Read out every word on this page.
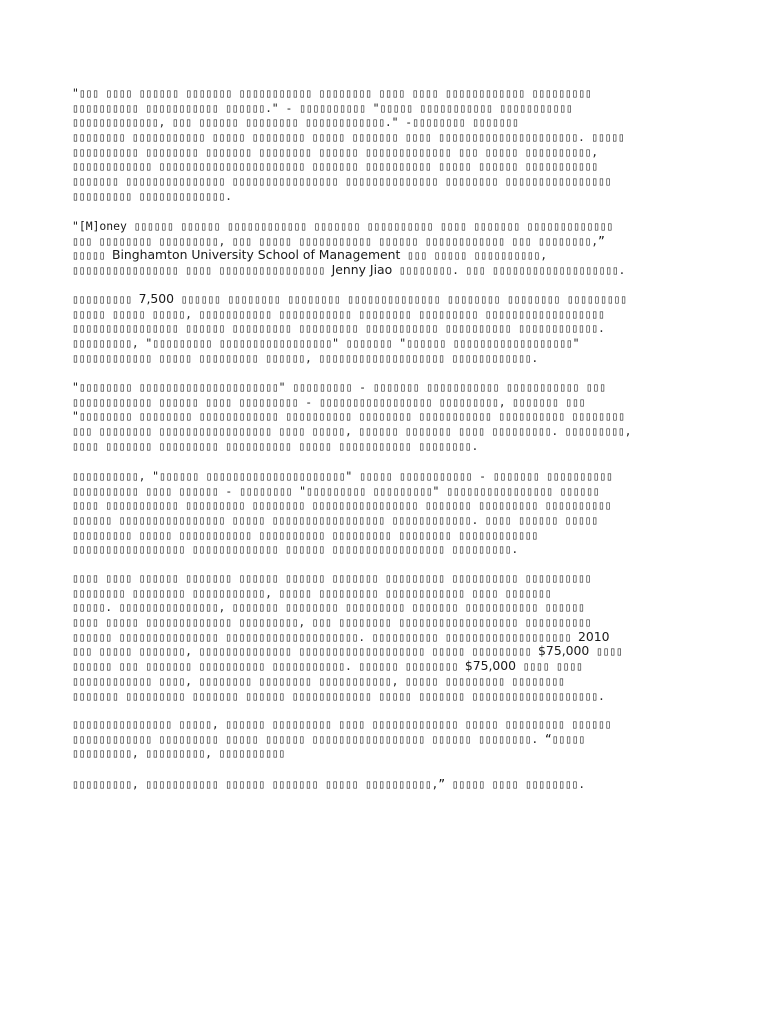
"▯▯▯ ▯▯▯▯ ▯▯▯▯▯▯ ▯▯▯▯▯▯▯ ▯▯▯▯▯▯▯▯▯▯▯ ▯▯▯▯▯▯▯▯ ▯▯▯▯ ▯▯▯▯ ▯▯▯▯▯▯▯▯▯▯▯▯ ▯▯▯▯▯▯▯▯▯
▯▯▯▯▯▯▯▯▯▯ ▯▯▯▯▯▯▯▯▯▯▯ ▯▯▯▯▯▯." - ▯▯▯▯▯▯▯▯▯▯ "▯▯▯▯▯ ▯▯▯▯▯▯▯▯▯▯▯ ▯▯▯▯▯▯▯▯▯▯▯
▯▯▯▯▯▯▯▯▯▯▯▯▯, ▯▯▯ ▯▯▯▯▯▯ ▯▯▯▯▯▯▯▯ ▯▯▯▯▯▯▯▯▯▯▯▯." -▯▯▯▯▯▯▯▯ ▯▯▯▯▯▯▯
▯▯▯▯▯▯▯▯ ▯▯▯▯▯▯▯▯▯▯▯ ▯▯▯▯▯ ▯▯▯▯▯▯▯▯ ▯▯▯▯▯ ▯▯▯▯▯▯▯ ▯▯▯▯ ▯▯▯▯▯▯▯▯▯▯▯▯▯▯▯▯▯▯▯▯▯. ▯▯▯▯▯
▯▯▯▯▯▯▯▯▯▯ ▯▯▯▯▯▯▯▯ ▯▯▯▯▯▯▯ ▯▯▯▯▯▯▯▯ ▯▯▯▯▯▯ ▯▯▯▯▯▯▯▯▯▯▯▯▯ ▯▯▯ ▯▯▯▯▯ ▯▯▯▯▯▯▯▯▯▯,
▯▯▯▯▯▯▯▯▯▯▯▯ ▯▯▯▯▯▯▯▯▯▯▯▯▯▯▯▯▯▯▯▯▯▯ ▯▯▯▯▯▯▯ ▯▯▯▯▯▯▯▯▯▯ ▯▯▯▯▯ ▯▯▯▯▯▯ ▯▯▯▯▯▯▯▯▯▯▯
▯▯▯▯▯▯▯ ▯▯▯▯▯▯▯▯▯▯▯▯▯▯▯ ▯▯▯▯▯▯▯▯▯▯▯▯▯▯▯▯ ▯▯▯▯▯▯▯▯▯▯▯▯▯▯ ▯▯▯▯▯▯▯▯ ▯▯▯▯▯▯▯▯▯▯▯▯▯▯▯▯
▯▯▯▯▯▯▯▯▯ ▯▯▯▯▯▯▯▯▯▯▯▯▯.
"[M]oney ▯▯▯▯▯▯ ▯▯▯▯▯▯ ▯▯▯▯▯▯▯▯▯▯▯▯ ▯▯▯▯▯▯▯ ▯▯▯▯▯▯▯▯▯▯ ▯▯▯▯ ▯▯▯▯▯▯▯ ▯▯▯▯▯▯▯▯▯▯▯▯▯
▯▯▯ ▯▯▯▯▯▯▯▯ ▯▯▯▯▯▯▯▯▯, ▯▯▯ ▯▯▯▯▯ ▯▯▯▯▯▯▯▯▯▯▯ ▯▯▯▯▯▯ ▯▯▯▯▯▯▯▯▯▯▯▯ ▯▯▯ ▯▯▯▯▯▯▯▯,”
▯▯▯▯▯ Binghamton University School of Management ▯▯▯ ▯▯▯▯▯ ▯▯▯▯▯▯▯▯▯▯,
▯▯▯▯▯▯▯▯▯▯▯▯▯▯▯▯ ▯▯▯▯ ▯▯▯▯▯▯▯▯▯▯▯▯▯▯▯▯ Jenny Jiao ▯▯▯▯▯▯▯▯. ▯▯▯ ▯▯▯▯▯▯▯▯▯▯▯▯▯▯▯▯▯▯▯.
▯▯▯▯▯▯▯▯▯ 7,500 ▯▯▯▯▯▯ ▯▯▯▯▯▯▯▯ ▯▯▯▯▯▯▯▯ ▯▯▯▯▯▯▯▯▯▯▯▯▯▯ ▯▯▯▯▯▯▯▯ ▯▯▯▯▯▯▯▯ ▯▯▯▯▯▯▯▯▯
▯▯▯▯▯ ▯▯▯▯▯ ▯▯▯▯▯, ▯▯▯▯▯▯▯▯▯▯▯ ▯▯▯▯▯▯▯▯▯▯▯ ▯▯▯▯▯▯▯▯ ▯▯▯▯▯▯▯▯▯ ▯▯▯▯▯▯▯▯▯▯▯▯▯▯▯▯▯▯
▯▯▯▯▯▯▯▯▯▯▯▯▯▯▯▯ ▯▯▯▯▯▯ ▯▯▯▯▯▯▯▯▯ ▯▯▯▯▯▯▯▯▯ ▯▯▯▯▯▯▯▯▯▯▯ ▯▯▯▯▯▯▯▯▯▯ ▯▯▯▯▯▯▯▯▯▯▯▯.
▯▯▯▯▯▯▯▯▯, "▯▯▯▯▯▯▯▯▯ ▯▯▯▯▯▯▯▯▯▯▯▯▯▯▯▯▯" ▯▯▯▯▯▯▯ "▯▯▯▯▯▯ ▯▯▯▯▯▯▯▯▯▯▯▯▯▯▯▯▯▯"
▯▯▯▯▯▯▯▯▯▯▯▯ ▯▯▯▯▯ ▯▯▯▯▯▯▯▯▯ ▯▯▯▯▯▯, ▯▯▯▯▯▯▯▯▯▯▯▯▯▯▯▯▯▯▯ ▯▯▯▯▯▯▯▯▯▯▯▯.
"▯▯▯▯▯▯▯▯ ▯▯▯▯▯▯▯▯▯▯▯▯▯▯▯▯▯▯▯▯▯" ▯▯▯▯▯▯▯▯▯ - ▯▯▯▯▯▯▯ ▯▯▯▯▯▯▯▯▯▯▯ ▯▯▯▯▯▯▯▯▯▯▯ ▯▯▯
▯▯▯▯▯▯▯▯▯▯▯▯ ▯▯▯▯▯▯ ▯▯▯▯ ▯▯▯▯▯▯▯▯▯ - ▯▯▯▯▯▯▯▯▯▯▯▯▯▯▯▯▯ ▯▯▯▯▯▯▯▯▯, ▯▯▯▯▯▯▯ ▯▯▯
"▯▯▯▯▯▯▯▯ ▯▯▯▯▯▯▯▯ ▯▯▯▯▯▯▯▯▯▯▯▯ ▯▯▯▯▯▯▯▯▯▯ ▯▯▯▯▯▯▯▯ ▯▯▯▯▯▯▯▯▯▯▯ ▯▯▯▯▯▯▯▯▯▯ ▯▯▯▯▯▯▯▯
▯▯▯ ▯▯▯▯▯▯▯▯ ▯▯▯▯▯▯▯▯▯▯▯▯▯▯▯▯▯ ▯▯▯▯ ▯▯▯▯▯, ▯▯▯▯▯▯ ▯▯▯▯▯▯▯ ▯▯▯▯ ▯▯▯▯▯▯▯▯▯. ▯▯▯▯▯▯▯▯▯,
▯▯▯▯ ▯▯▯▯▯▯▯ ▯▯▯▯▯▯▯▯▯ ▯▯▯▯▯▯▯▯▯▯ ▯▯▯▯▯ ▯▯▯▯▯▯▯▯▯▯▯ ▯▯▯▯▯▯▯▯.
▯▯▯▯▯▯▯▯▯▯, "▯▯▯▯▯▯ ▯▯▯▯▯▯▯▯▯▯▯▯▯▯▯▯▯▯▯▯▯" ▯▯▯▯▯ ▯▯▯▯▯▯▯▯▯▯▯ - ▯▯▯▯▯▯▯ ▯▯▯▯▯▯▯▯▯▯
▯▯▯▯▯▯▯▯▯▯ ▯▯▯▯ ▯▯▯▯▯▯ - ▯▯▯▯▯▯▯▯ "▯▯▯▯▯▯▯▯▯ ▯▯▯▯▯▯▯▯▯" ▯▯▯▯▯▯▯▯▯▯▯▯▯▯▯▯ ▯▯▯▯▯▯
▯▯▯▯ ▯▯▯▯▯▯▯▯▯▯▯ ▯▯▯▯▯▯▯▯▯ ▯▯▯▯▯▯▯▯ ▯▯▯▯▯▯▯▯▯▯▯▯▯▯▯▯ ▯▯▯▯▯▯▯ ▯▯▯▯▯▯▯▯▯ ▯▯▯▯▯▯▯▯▯▯
▯▯▯▯▯▯ ▯▯▯▯▯▯▯▯▯▯▯▯▯▯▯▯ ▯▯▯▯▯ ▯▯▯▯▯▯▯▯▯▯▯▯▯▯▯▯▯ ▯▯▯▯▯▯▯▯▯▯▯▯. ▯▯▯▯ ▯▯▯▯▯▯ ▯▯▯▯▯
▯▯▯▯▯▯▯▯▯ ▯▯▯▯▯ ▯▯▯▯▯▯▯▯▯▯▯ ▯▯▯▯▯▯▯▯▯▯ ▯▯▯▯▯▯▯▯▯ ▯▯▯▯▯▯▯▯ ▯▯▯▯▯▯▯▯▯▯▯▯
▯▯▯▯▯▯▯▯▯▯▯▯▯▯▯▯▯ ▯▯▯▯▯▯▯▯▯▯▯▯▯ ▯▯▯▯▯▯ ▯▯▯▯▯▯▯▯▯▯▯▯▯▯▯▯▯ ▯▯▯▯▯▯▯▯▯.
▯▯▯▯ ▯▯▯▯ ▯▯▯▯▯▯ ▯▯▯▯▯▯▯ ▯▯▯▯▯▯ ▯▯▯▯▯▯ ▯▯▯▯▯▯▯ ▯▯▯▯▯▯▯▯▯ ▯▯▯▯▯▯▯▯▯▯ ▯▯▯▯▯▯▯▯▯▯
▯▯▯▯▯▯▯▯ ▯▯▯▯▯▯▯▯ ▯▯▯▯▯▯▯▯▯▯▯, ▯▯▯▯▯ ▯▯▯▯▯▯▯▯▯ ▯▯▯▯▯▯▯▯▯▯▯▯ ▯▯▯▯ ▯▯▯▯▯▯▯
▯▯▯▯▯. ▯▯▯▯▯▯▯▯▯▯▯▯▯▯▯, ▯▯▯▯▯▯▯ ▯▯▯▯▯▯▯▯ ▯▯▯▯▯▯▯▯▯ ▯▯▯▯▯▯▯ ▯▯▯▯▯▯▯▯▯▯▯ ▯▯▯▯▯▯
▯▯▯▯ ▯▯▯▯▯ ▯▯▯▯▯▯▯▯▯▯▯▯▯ ▯▯▯▯▯▯▯▯▯, ▯▯▯ ▯▯▯▯▯▯▯▯ ▯▯▯▯▯▯▯▯▯▯▯▯▯▯▯▯▯▯ ▯▯▯▯▯▯▯▯▯▯
▯▯▯▯▯▯ ▯▯▯▯▯▯▯▯▯▯▯▯▯▯▯ ▯▯▯▯▯▯▯▯▯▯▯▯▯▯▯▯▯▯▯▯. ▯▯▯▯▯▯▯▯▯▯ ▯▯▯▯▯▯▯▯▯▯▯▯▯▯▯▯▯▯▯ 2010
▯▯▯ ▯▯▯▯▯ ▯▯▯▯▯▯▯, ▯▯▯▯▯▯▯▯▯▯▯▯▯▯ ▯▯▯▯▯▯▯▯▯▯▯▯▯▯▯▯▯▯▯ ▯▯▯▯▯ ▯▯▯▯▯▯▯▯▯ $75,000 ▯▯▯▯
▯▯▯▯▯▯ ▯▯▯ ▯▯▯▯▯▯▯ ▯▯▯▯▯▯▯▯▯▯ ▯▯▯▯▯▯▯▯▯▯▯. ▯▯▯▯▯▯ ▯▯▯▯▯▯▯▯ $75,000 ▯▯▯▯ ▯▯▯▯
▯▯▯▯▯▯▯▯▯▯▯▯ ▯▯▯▯, ▯▯▯▯▯▯▯▯ ▯▯▯▯▯▯▯▯ ▯▯▯▯▯▯▯▯▯▯▯, ▯▯▯▯▯ ▯▯▯▯▯▯▯▯▯ ▯▯▯▯▯▯▯▯
▯▯▯▯▯▯▯ ▯▯▯▯▯▯▯▯▯ ▯▯▯▯▯▯▯ ▯▯▯▯▯▯ ▯▯▯▯▯▯▯▯▯▯▯▯ ▯▯▯▯▯ ▯▯▯▯▯▯▯ ▯▯▯▯▯▯▯▯▯▯▯▯▯▯▯▯▯▯▯.
▯▯▯▯▯▯▯▯▯▯▯▯▯▯▯ ▯▯▯▯▯, ▯▯▯▯▯▯ ▯▯▯▯▯▯▯▯▯ ▯▯▯▯ ▯▯▯▯▯▯▯▯▯▯▯▯▯ ▯▯▯▯▯ ▯▯▯▯▯▯▯▯▯ ▯▯▯▯▯▯
▯▯▯▯▯▯▯▯▯▯▯▯ ▯▯▯▯▯▯▯▯▯ ▯▯▯▯▯ ▯▯▯▯▯▯ ▯▯▯▯▯▯▯▯▯▯▯▯▯▯▯▯▯ ▯▯▯▯▯▯ ▯▯▯▯▯▯▯▯. “▯▯▯▯▯
▯▯▯▯▯▯▯▯▯, ▯▯▯▯▯▯▯▯▯, ▯▯▯▯▯▯▯▯▯▯
▯▯▯▯▯▯▯▯▯, ▯▯▯▯▯▯▯▯▯▯▯ ▯▯▯▯▯▯ ▯▯▯▯▯▯▯ ▯▯▯▯▯ ▯▯▯▯▯▯▯▯▯▯,” ▯▯▯▯▯ ▯▯▯▯ ▯▯▯▯▯▯▯▯.
